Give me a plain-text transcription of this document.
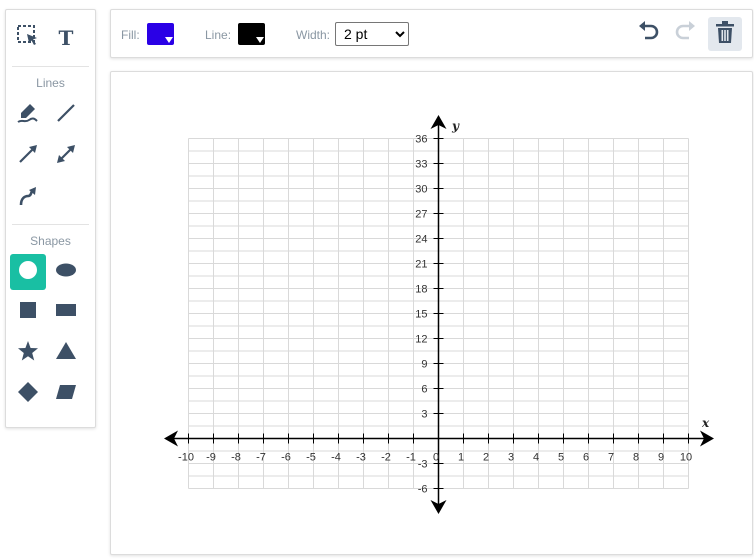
T
Lines
Shapes
Fill:	Line:	Width:
2 pt
-10 -9 -8 -7 -6 -5 -4 -3 -2 -1 0 1 2 3 4 5 6 7 8 9 10
36
33
30
27
24
21
18
15
12
9
6
3
-3
-6
x
y
